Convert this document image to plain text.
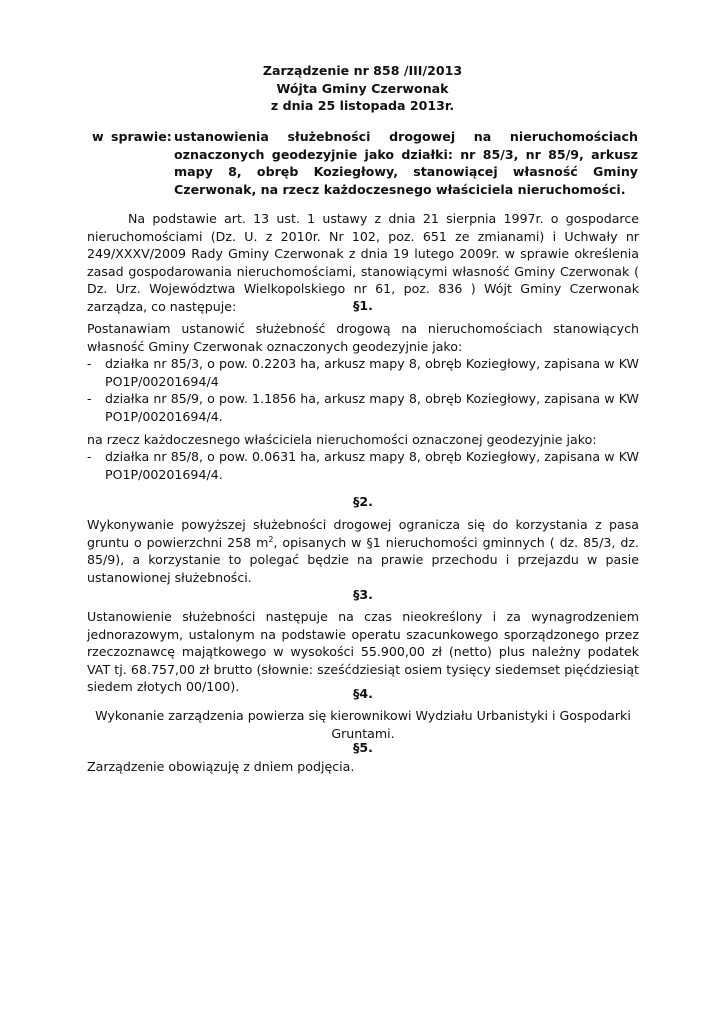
Zarządzenie nr 858 /III/2013
Wójta Gminy Czerwonak
z dnia 25 listopada 2013r.
w sprawie: ustanowienia służebności drogowej na nieruchomościach oznaczonych geodezyjnie jako działki: nr 85/3, nr 85/9, arkusz mapy 8, obręb Koziegłowy, stanowiącej własność Gminy Czerwonak, na rzecz każdoczesnego właściciela nieruchomości.
Na podstawie art. 13 ust. 1 ustawy z dnia 21 sierpnia 1997r. o gospodarce nieruchomościami (Dz. U. z 2010r. Nr 102, poz. 651 ze zmianami) i Uchwały nr 249/XXXV/2009 Rady Gminy Czerwonak z dnia 19 lutego 2009r. w sprawie określenia zasad gospodarowania nieruchomościami, stanowiącymi własność Gminy Czerwonak ( Dz. Urz. Województwa Wielkopolskiego nr 61, poz. 836 ) Wójt Gminy Czerwonak zarządza, co następuje:	§1.
Postanawiam ustanowić służebność drogową na nieruchomościach stanowiących własność Gminy Czerwonak oznaczonych geodezyjnie jako:
- działka nr 85/3, o pow. 0.2203 ha, arkusz mapy 8, obręb Koziegłowy, zapisana w KW PO1P/00201694/4
- działka nr 85/9, o pow. 1.1856 ha, arkusz mapy 8, obręb Koziegłowy, zapisana w KW PO1P/00201694/4.
na rzecz każdoczesnego właściciela nieruchomości oznaczonej geodezyjnie jako:
- działka nr 85/8, o pow. 0.0631 ha, arkusz mapy 8, obręb Koziegłowy, zapisana w KW PO1P/00201694/4.
§2.
Wykonywanie powyższej służebności drogowej ogranicza się do korzystania z pasa gruntu o powierzchni 258 $m^2$, opisanych w §1 nieruchomości gminnych ( dz. 85/3, dz. 85/9), a korzystanie to polegać będzie na prawie przechodu i przejazdu w pasie ustanowionej służebności.
§3.
Ustanowienie służebności następuje na czas nieokreślony i za wynagrodzeniem jednorazowym, ustalonym na podstawie operatu szacunkowego sporządzonego przez rzeczoznawcę majątkowego w wysokości 55.900,00 zł (netto) plus należny podatek VAT tj. 68.757,00 zł brutto (słownie: sześćdziesiąt osiem tysięcy siedemset pięćdziesiąt siedem złotych 00/100).	§4.
Wykonanie zarządzenia powierza się kierownikowi Wydziału Urbanistyki i Gospodarki Gruntami.
§5.
Zarządzenie obowiązuję z dniem podjęcia.
